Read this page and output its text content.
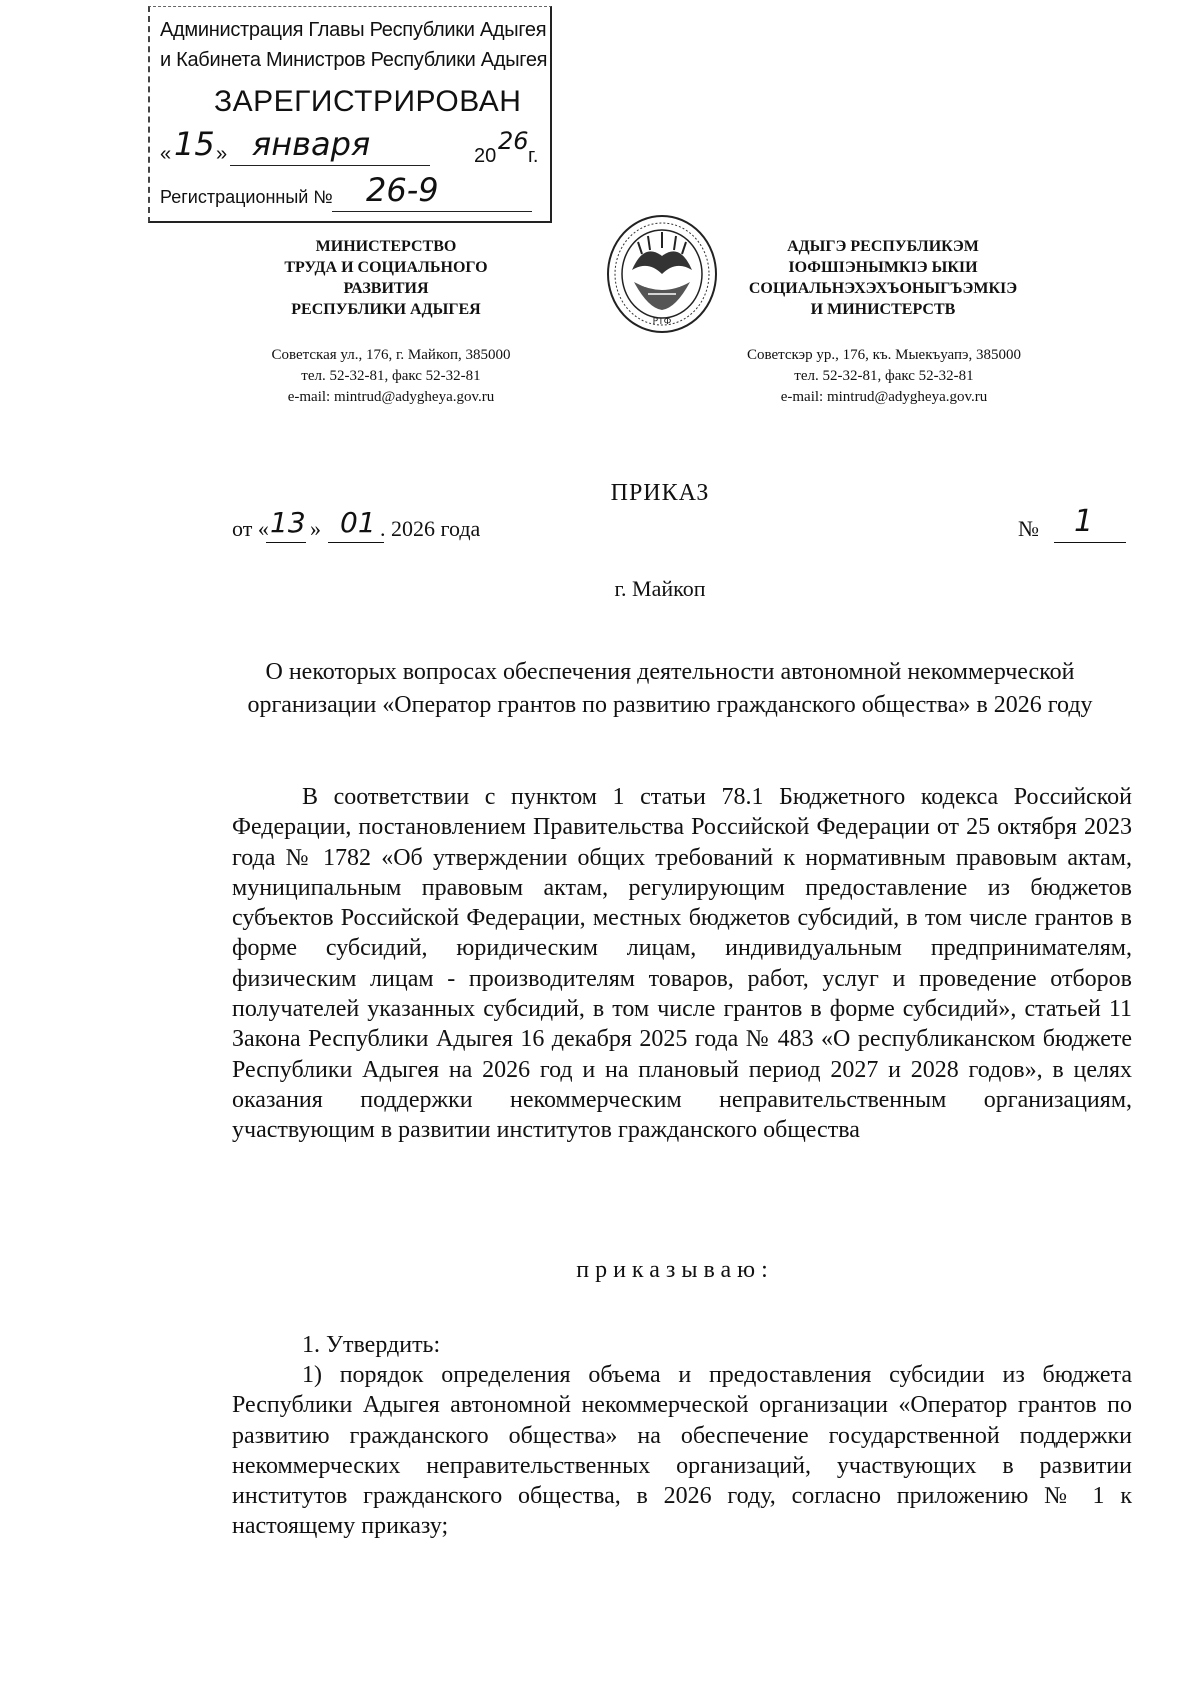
Администрация Главы Республики Адыгея
и Кабинета Министров Республики Адыгея
ЗАРЕГИСТРИРОВАН
« 15 » января	20
26
г.
Регистрационный № 26-9
МИНИСТЕРСТВО
ТРУДА И СОЦИАЛЬНОГО
РАЗВИТИЯ
РЕСПУБЛИКИ АДЫГЕЯ
Советская ул., 176, г. Майкоп, 385000
тел. 52-32-81, факс 52-32-81
e-mail: mintrud@adygheya.gov.ru
РТФ
АДЫГЭ РЕСПУБЛИКЭМ
IОФШIЭНЫМКIЭ ЫКIИ
СОЦИАЛЬНЭХЭХЪОНЫГЪЭМКIЭ
И МИНИСТЕРСТВ
Советскэр ур., 176, къ. Мыекъуапэ, 385000
тел. 52-32-81, факс 52-32-81
e-mail: mintrud@adygheya.gov.ru
ПРИКАЗ
от « 13 » 01 . 2026 года	№ 1
г. Майкоп
О некоторых вопросах обеспечения деятельности автономной некоммерческой организации «Оператор грантов по развитию гражданского общества» в 2026 году
В соответствии с пунктом 1 статьи 78.1 Бюджетного кодекса Российской Федерации, постановлением Правительства Российской Федерации от 25 октября 2023 года № 1782 «Об утверждении общих требований к нормативным правовым актам, муниципальным правовым актам, регулирующим предоставление из бюджетов субъектов Российской Федерации, местных бюджетов субсидий, в том числе грантов в форме субсидий, юридическим лицам, индивидуальным предпринимателям, физическим лицам - производителям товаров, работ, услуг и проведение отборов получателей указанных субсидий, в том числе грантов в форме субсидий», статьей 11 Закона Республики Адыгея 16 декабря 2025 года № 483 «О республиканском бюджете Республики Адыгея на 2026 год и на плановый период 2027 и 2028 годов», в целях оказания поддержки некоммерческим неправительственным организациям, участвующим в развитии институтов гражданского общества
приказываю:
1. Утвердить:
1) порядок определения объема и предоставления субсидии из бюджета Республики Адыгея автономной некоммерческой организации «Оператор грантов по развитию гражданского общества» на обеспечение государственной поддержки некоммерческих неправительственных организаций, участвующих в развитии институтов гражданского общества, в 2026 году, согласно приложению № 1 к настоящему приказу;
